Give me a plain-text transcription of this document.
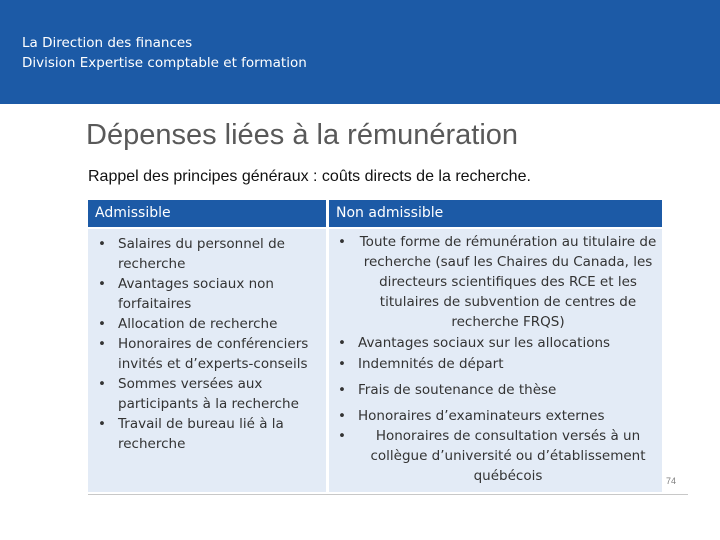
La Direction des finances
Division Expertise comptable et formation
Dépenses liées à la rémunération
Rappel des principes généraux : coûts directs de la recherche.
Admissible	Non admissible
• Salaires du personnel de recherche
• Avantages sociaux non forfaitaires
• Allocation de recherche
• Honoraires de conférenciers invités et d’experts-conseils
• Sommes versées aux participants à la recherche
• Travail de bureau lié à la recherche
• Toute forme de rémunération au titulaire de recherche (sauf les Chaires du Canada, les directeurs scientifiques des RCE et les titulaires de subvention de centres de recherche FRQS)
• Avantages sociaux sur les allocations
• Indemnités de départ
• Frais de soutenance de thèse
• Honoraires d’examinateurs externes
• Honoraires de consultation versés à un collègue d’université ou d’établissement québécois	74
